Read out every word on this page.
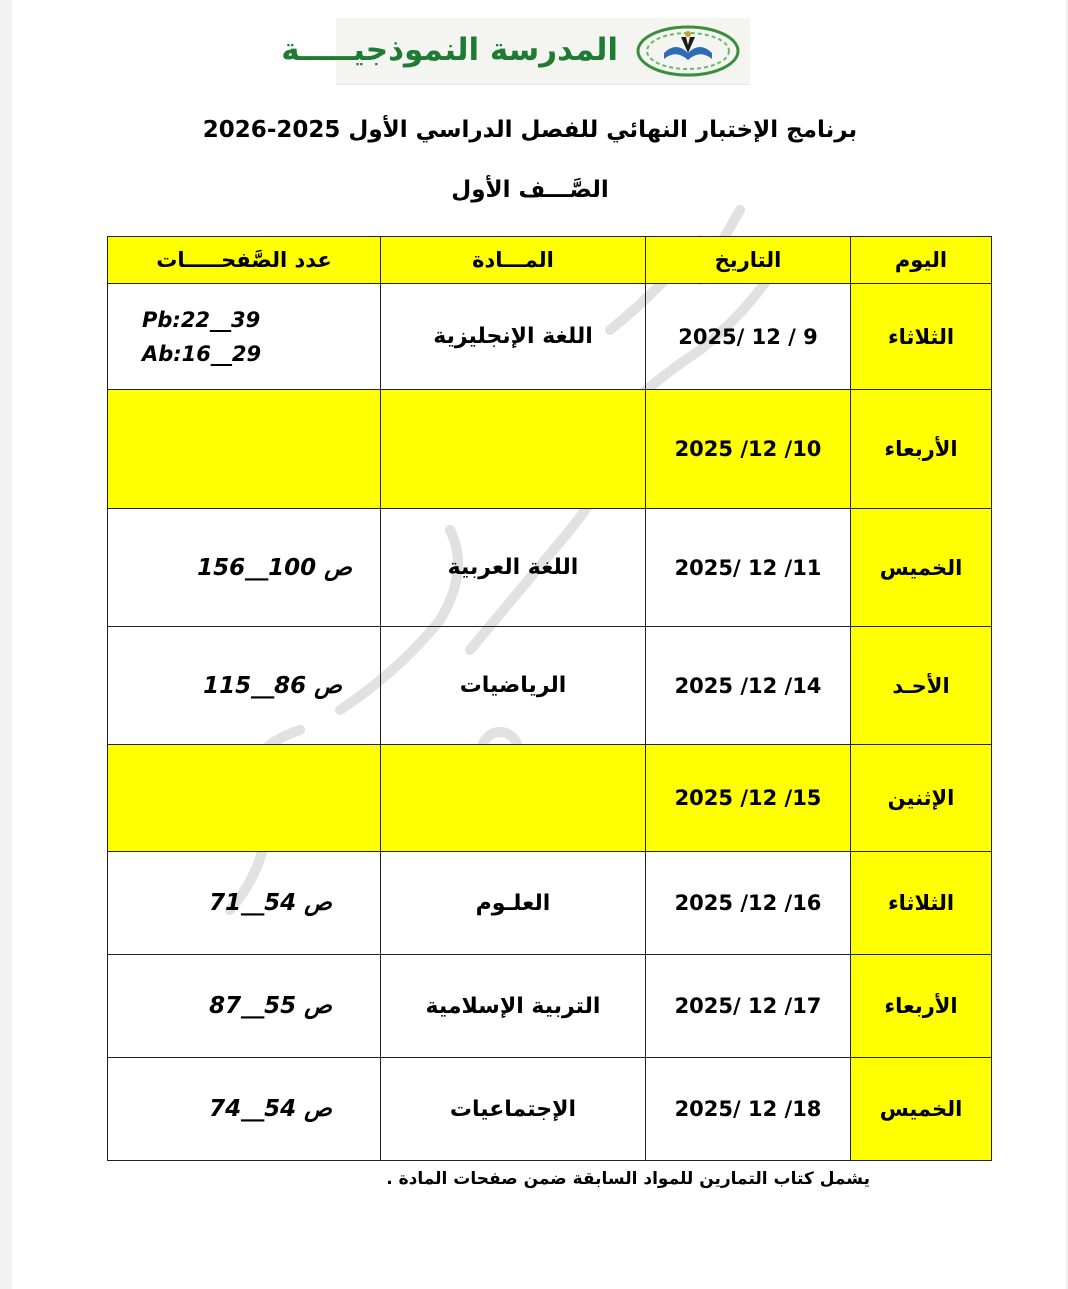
المدرسة النموذجيـــــة
برنامج الإختبار النهائي للفصل الدراسي الأول 2025-2026
الصَّـــف الأول
عدد الصَّفحـــــات	المـــادة	التاريخ	اليوم

Pb:22__39
Ab:16__29	اللغة الإنجليزية	2025/ 12 / 9	الثلاثاء
		2025 /12 /10	الأربعاء

ص 100__156	اللغة العربية	2025/ 12 /11	الخميس

ص 86__115	الرياضيات	2025 /12 /14	الأحـد
		2025 /12 /15	الإثنين

ص 54__71	العلـوم	2025 /12 /16	الثلاثاء

ص 55__87	التربية الإسلامية	2025/ 12 /17	الأربعاء

ص 54__74	الإجتماعيات	2025/ 12 /18	الخميس
يشمل كتاب التمارين للمواد السابقة ضمن صفحات المادة .
